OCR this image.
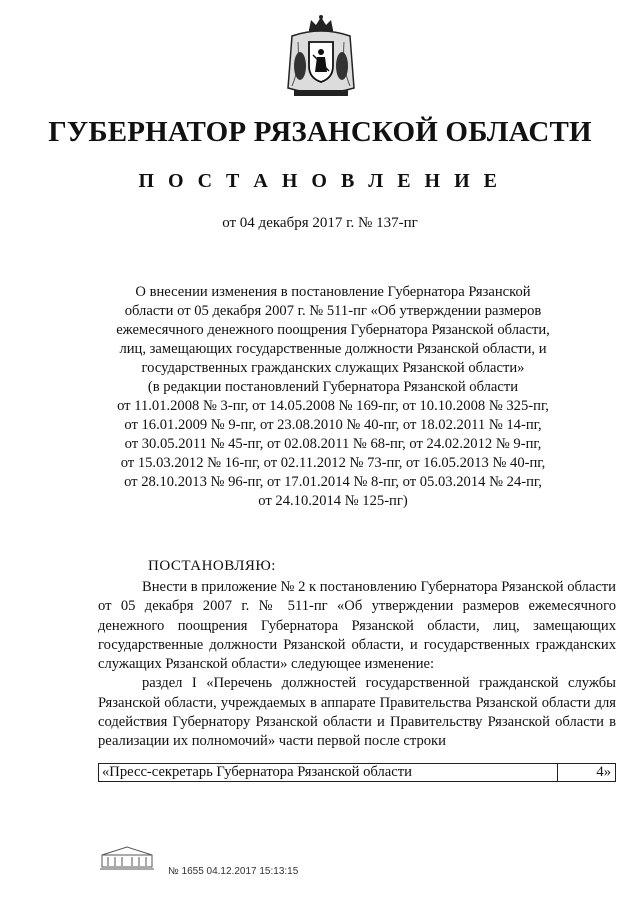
ГУБЕРНАТОР РЯЗАНСКОЙ ОБЛАСТИ
П О С Т А Н О В Л Е Н И Е
от 04 декабря 2017 г. № 137-пг
О внесении изменения в постановление Губернатора Рязанской
области от 05 декабря 2007 г. № 511-пг «Об утверждении размеров
ежемесячного денежного поощрения Губернатора Рязанской области,
лиц, замещающих государственные должности Рязанской области, и
государственных гражданских служащих Рязанской области»
(в редакции постановлений Губернатора Рязанской области
от 11.01.2008 № 3-пг, от 14.05.2008 № 169-пг, от 10.10.2008 № 325-пг,
от 16.01.2009 № 9-пг, от 23.08.2010 № 40-пг, от 18.02.2011 № 14-пг,
от 30.05.2011 № 45-пг, от 02.08.2011 № 68-пг, от 24.02.2012 № 9-пг,
от 15.03.2012 № 16-пг, от 02.11.2012 № 73-пг, от 16.05.2013 № 40-пг,
от 28.10.2013 № 96-пг, от 17.01.2014 № 8-пг, от 05.03.2014 № 24-пг,
от 24.10.2014 № 125-пг)
ПОСТАНОВЛЯЮ:
Внести в приложение № 2 к постановлению Губернатора Рязанской области от 05 декабря 2007 г. № 511-пг «Об утверждении размеров ежемесячного денежного поощрения Губернатора Рязанской области, лиц, замещающих государственные должности Рязанской области, и государственных гражданских служащих Рязанской области» следующее изменение:
раздел I «Перечень должностей государственной гражданской службы Рязанской области, учреждаемых в аппарате Правительства Рязанской области для содействия Губернатору Рязанской области и Правительству Рязанской области в реализации их полномочий» части первой после строки
«Пресс-секретарь Губернатора Рязанской области	4»
№ 1655 04.12.2017 15:13:15
